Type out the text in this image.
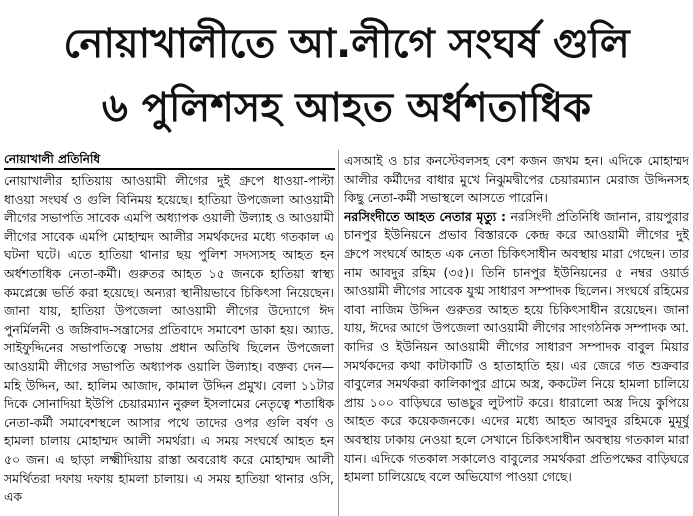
নোয়াখালীতে আ.লীগে সংঘর্ষ গুলি
৬ পুলিশসহ আহত অর্ধশতাধিক
নোয়াখালী প্রতিনিধি

নোয়াখালীর হাতিয়ায় আওয়ামী লীগের দুই গ্রুপে ধাওয়া-পাল্টা ধাওয়া সংঘর্ষ ও গুলি বিনিময় হয়েছে। হাতিয়া উপজেলা আওয়ামী লীগের সভাপতি সাবেক এমপি অধ্যাপক ওয়ালী উল্যাহ ও আওয়ামী লীগের সাবেক এমপি মোহাম্মদ আলীর সমর্থকদের মধ্যে গতকাল এ ঘটনা ঘটে। এতে হাতিয়া থানার ছয় পুলিশ সদস্যসহ আহত হন অর্ধশতাধিক নেতা-কর্মী। গুরুতর আহত ১৫ জনকে হাতিয়া স্বাস্থ্য কমপ্লেক্সে ভর্তি করা হয়েছে। অন্যরা স্থানীয়ভাবে চিকিৎসা নিয়েছেন। জানা যায়, হাতিয়া উপজেলা আওয়ামী লীগের উদ্যোগে ঈদ পুনর্মিলনী ও জঙ্গিবাদ-সন্ত্রাসের প্রতিবাদে সমাবেশ ডাকা হয়। অ্যাড. সাইফুদ্দিনের সভাপতিত্বে সভায় প্রধান অতিথি ছিলেন উপজেলা আওয়ামী লীগের সভাপতি অধ্যাপক ওয়ালি উল্যাহ। বক্তব্য দেন— মহি উদ্দিন, আ. হালিম আজাদ, কামাল উদ্দিন প্রমুখ। বেলা ১১টার দিকে সোনাদিয়া ইউপি চেয়ারম্যান নুরুল ইসলামের নেতৃত্বে শতাধিক নেতা-কর্মী সমাবেশস্থলে আসার পথে তাদের ওপর গুলি বর্ষণ ও হামলা চালায় মোহাম্মদ আলী সমর্থরা। এ সময় সংঘর্ষে আহত হন ৫০ জন। এ ছাড়া লক্ষ্মীদিয়ায় রাস্তা অবরোধ করে মোহাম্মদ আলী সমর্থিতরা দফায় দফায় হামলা চালায়। এ সময় হাতিয়া থানার ওসি, এক

এসআই ও চার কনস্টেবলসহ বেশ কজন জখম হন। এদিকে মোহাম্মদ আলীর কর্মীদের বাধার মুখে নিঝুমদ্বীপের চেয়ারম্যান মেরাজ উদ্দিনসহ কিছু নেতা-কর্মী সভাস্থলে আসতে পারেনি।

নরসিংদীতে আহত নেতার মৃত্যু : নরসিংদী প্রতিনিধি জানান, রায়পুরার চানপুর ইউনিয়নে প্রভাব বিস্তারকে কেন্দ্র করে আওয়ামী লীগের দুই গ্রুপে সংঘর্ষে আহত এক নেতা চিকিৎসাধীন অবস্থায় মারা গেছেন। তার নাম আবদুর রহিম (৩৫)। তিনি চানপুর ইউনিয়নের ৫ নম্বর ওয়ার্ড আওয়ামী লীগের সাবেক যুগ্ম সাধারণ সম্পাদক ছিলেন। সংঘর্ষে রহিমের বাবা নাজিম উদ্দিন গুরুতর আহত হয়ে চিকিৎসাধীন রয়েছেন। জানা যায়, ঈদের আগে উপজেলা আওয়ামী লীগের সাংগঠনিক সম্পাদক আ. কাদির ও ইউনিয়ন আওয়ামী লীগের সাধারণ সম্পাদক বাবুল মিয়ার সমর্থকদের কথা কাটাকাটি ও হাতাহাতি হয়। এর জেরে গত শুক্রবার বাবুলের সমর্থকরা কালিকাপুর গ্রামে অস্ত্র, ককটেল নিয়ে হামলা চালিয়ে প্রায় ১০০ বাড়িঘরে ভাঙচুর লুটপাট করে। ধারালো অস্ত্র দিয়ে কুপিয়ে আহত করে কয়েকজনকে। এদের মধ্যে আহত আবদুর রহিমকে মুমূর্ষু অবস্থায় ঢাকায় নেওয়া হলে সেখানে চিকিৎসাধীন অবস্থায় গতকাল মারা যান। এদিকে গতকাল সকালেও বাবুলের সমর্থকরা প্রতিপক্ষের বাড়িঘরে হামলা চালিয়েছে বলে অভিযোগ পাওয়া গেছে।
